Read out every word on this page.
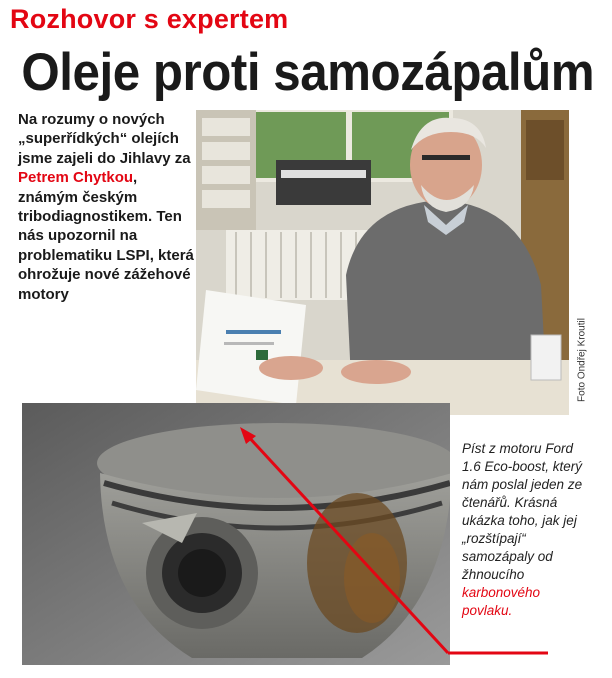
Rozhovor s expertem
Oleje proti samozápalům
Na rozumy o nových „superřídkých“ olejích jsme zajeli do Jihlavy za Petrem Chytkou, známým českým tribodiagnostikem. Ten nás upozornil na problematiku LSPI, která ohrožuje nové zážehové motory
Foto Ondřej Kroutil
Píst z motoru Ford 1.6 Eco-boost, který nám poslal jeden ze čtenářů. Krásná ukázka toho, jak jej „rozštípají“ samozápaly od žhnoucího karbonového povlaku.
